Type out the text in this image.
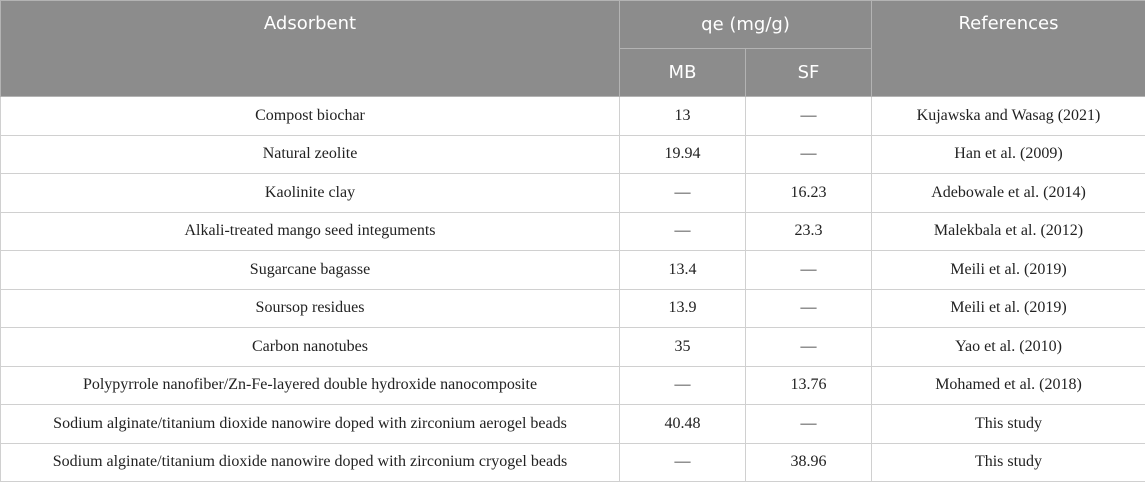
Adsorbent	qe (mg/g)		References
	MB	SF	
Compost biochar	13	—	Kujawska and Wasag (2021)
Natural zeolite	19.94	—	Han et al. (2009)
Kaolinite clay	—	16.23	Adebowale et al. (2014)
Alkali-treated mango seed integuments	—	23.3	Malekbala et al. (2012)
Sugarcane bagasse	13.4	—	Meili et al. (2019)
Soursop residues	13.9	—	Meili et al. (2019)
Carbon nanotubes	35	—	Yao et al. (2010)
Polypyrrole nanofiber/Zn-Fe-layered double hydroxide nanocomposite	—	13.76	Mohamed et al. (2018)
Sodium alginate/titanium dioxide nanowire doped with zirconium aerogel beads	40.48	—	This study
Sodium alginate/titanium dioxide nanowire doped with zirconium cryogel beads	—	38.96	This study
